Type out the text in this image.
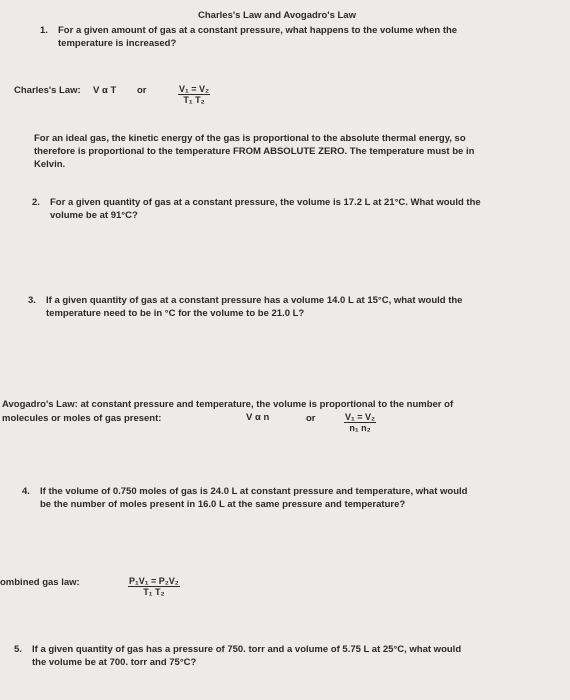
Charles's Law and Avogadro's Law
1. For a given amount of gas at a constant pressure, what happens to the volume when the
temperature is increased?
Charles's Law: V α T or	$\frac{\text{V₁ = V₂}}{\text{T₁ T₂}}$
For an ideal gas, the kinetic energy of the gas is proportional to the absolute thermal energy, so
therefore is proportional to the temperature FROM ABSOLUTE ZERO. The temperature must be in
Kelvin.
2. For a given quantity of gas at a constant pressure, the volume is 17.2 L at 21°C. What would the
volume be at 91°C?
3. If a given quantity of gas at a constant pressure has a volume 14.0 L at 15°C, what would the
temperature need to be in °C for the volume to be 21.0 L?
Avogadro's Law: at constant pressure and temperature, the volume is proportional to the number of
molecules or moles of gas present:	V α n	or	$\frac{\text{V₁ = V₂}}{\text{n₁ n₂}}$
4. If the volume of 0.750 moles of gas is 24.0 L at constant pressure and temperature, what would
be the number of moles present in 16.0 L at the same pressure and temperature?
ombined gas law:	$\frac{\text{P₁V₁ = P₂V₂}}{\text{T₁ T₂}}$
5. If a given quantity of gas has a pressure of 750. torr and a volume of 5.75 L at 25°C, what would
the volume be at 700. torr and 75°C?
